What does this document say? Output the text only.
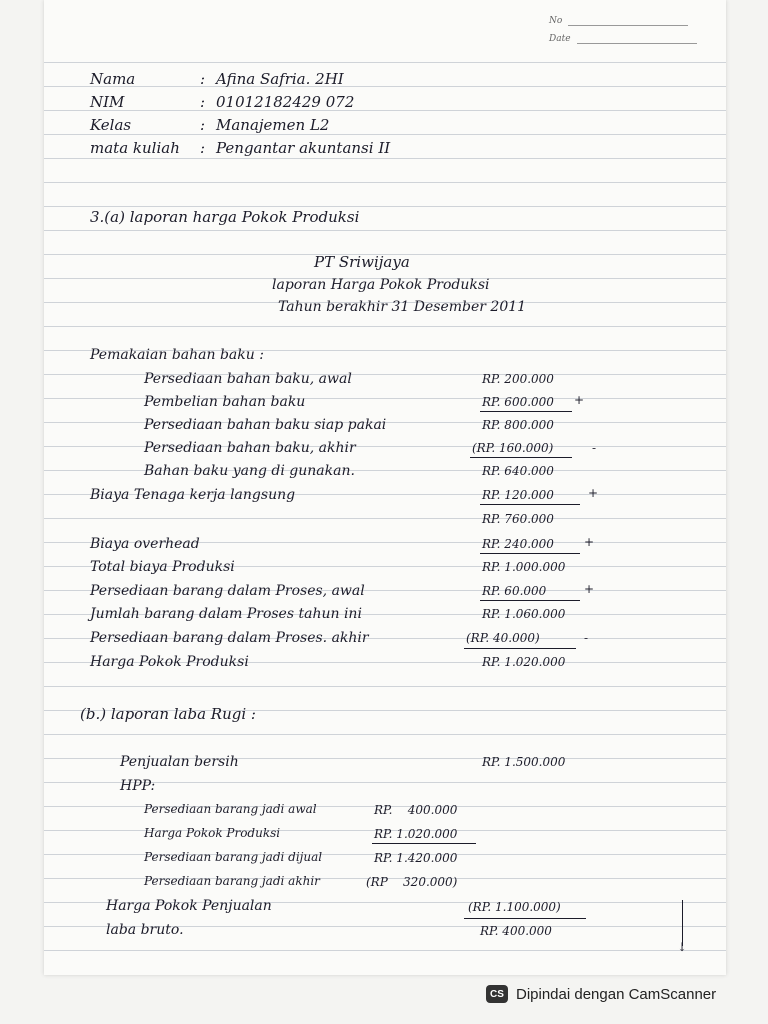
No
Date
Nama	: Afina Safria. 2HI
NIM	: 01012182429 072
Kelas	: Manajemen L2
mata kuliah : Pengantar akuntansi II
3.(a) laporan harga Pokok Produksi
PT Sriwijaya
laporan Harga Pokok Produksi
Tahun berakhir 31 Desember 2011
Pemakaian bahan baku :
Persediaan bahan baku, awal	RP. 200.000
Pembelian bahan baku	RP. 600.000 +
Persediaan bahan baku siap pakai	RP. 800.000
Persediaan bahan baku, akhir	(RP. 160.000)	-
Bahan baku yang di gunakan.	RP. 640.000
Biaya Tenaga kerja langsung	RP. 120.000	+
RP. 760.000
Biaya overhead	RP. 240.000	+
Total biaya Produksi	RP. 1.000.000
Persediaan barang dalam Proses, awal	RP. 60.000	+
Jumlah barang dalam Proses tahun ini	RP. 1.060.000
Persediaan barang dalam Proses. akhir	(RP. 40.000)	-
Harga Pokok Produksi	RP. 1.020.000
(b.) laporan laba Rugi :
Penjualan bersih	RP. 1.500.000
HPP:
Persediaan barang jadi awal	RP.    400.000
Harga Pokok Produksi	RP. 1.020.000
Persediaan barang jadi dijual	RP. 1.420.000
Persediaan barang jadi akhir	(RP    320.000)
Harga Pokok Penjualan	(RP. 1.100.000)
laba bruto.	RP. 400.000
↓
CS Dipindai dengan CamScanner
